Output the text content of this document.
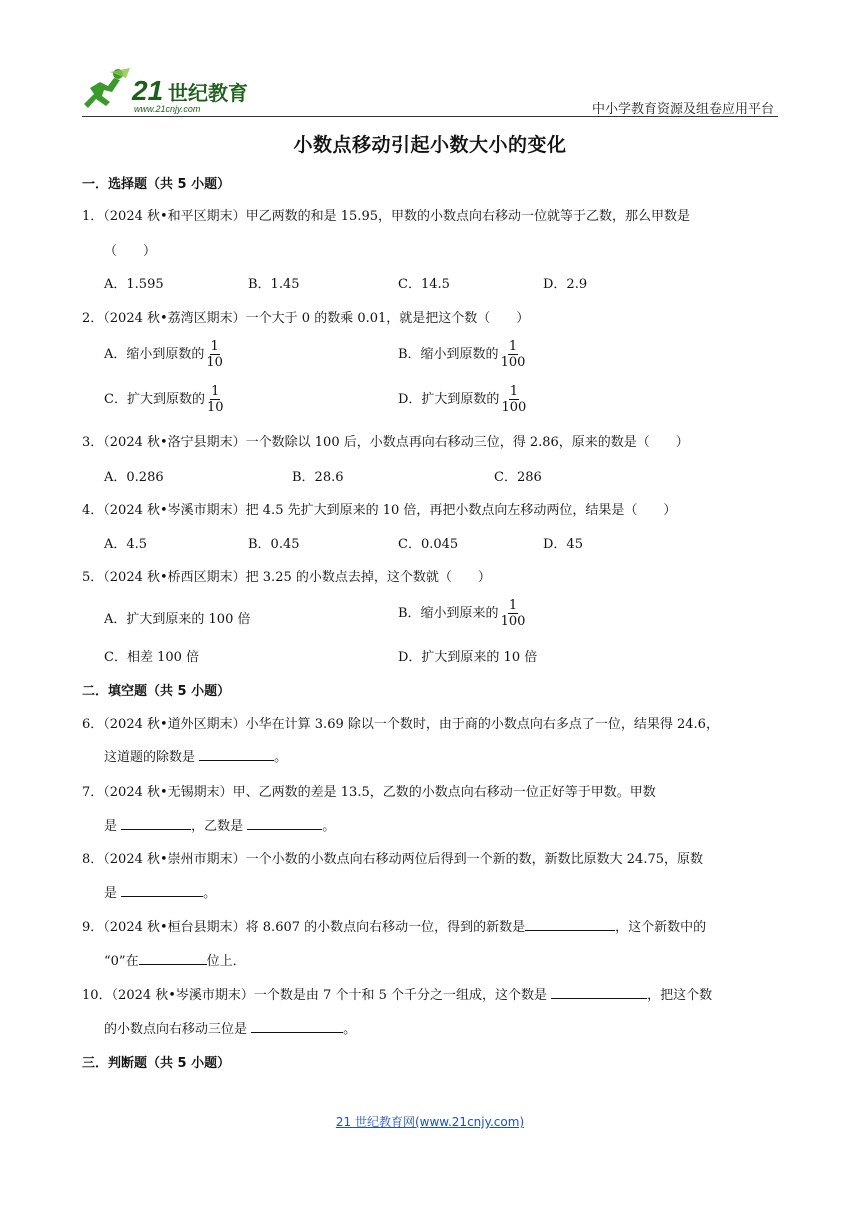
21 世纪教育
www.21cnjy.com	中小学教育资源及组卷应用平台
小数点移动引起小数大小的变化
一．选择题（共 5 小题）
1．（2024 秋•和平区期末）甲乙两数的和是 15.95，甲数的小数点向右移动一位就等于乙数，那么甲数是
（　　）
A．1.595	B．1.45	C．14.5	D．2.9
2．（2024 秋•荔湾区期末）一个大于 0 的数乘 0.01，就是把这个数（　　）
A．缩小到原数的 $\frac{1}{10}$	B．缩小到原数的 $\frac{1}{100}$
C．扩大到原数的 $\frac{1}{10}$	D．扩大到原数的 $\frac{1}{100}$
3．（2024 秋•洛宁县期末）一个数除以 100 后，小数点再向右移动三位，得 2.86，原来的数是（　　）
A．0.286	B．28.6	C．286
4．（2024 秋•岑溪市期末）把 4.5 先扩大到原来的 10 倍，再把小数点向左移动两位，结果是（　　）
A．4.5	B．0.45	C．0.045	D．45
5．（2024 秋•桥西区期末）把 3.25 的小数点去掉，这个数就（　　）
A．扩大到原来的 100 倍	B．缩小到原来的 $\frac{1}{100}$
C．相差 100 倍	D．扩大到原来的 10 倍
二．填空题（共 5 小题）
6．（2024 秋•道外区期末）小华在计算 3.69 除以一个数时，由于商的小数点向右多点了一位，结果得 24.6，
这道题的除数是	。
7．（2024 秋•无锡期末）甲、乙两数的差是 13.5，乙数的小数点向右移动一位正好等于甲数。甲数
是	，乙数是	。
8．（2024 秋•崇州市期末）一个小数的小数点向右移动两位后得到一个新的数，新数比原数大 24.75，原数
是	。
9．（2024 秋•桓台县期末）将 8.607 的小数点向右移动一位，得到的新数是	，这个新数中的
“0”在	位上．
10．（2024 秋•岑溪市期末）一个数是由 7 个十和 5 个千分之一组成，这个数是	，把这个数
的小数点向右移动三位是	。
三．判断题（共 5 小题）
21 世纪教育网(www.21cnjy.com)
